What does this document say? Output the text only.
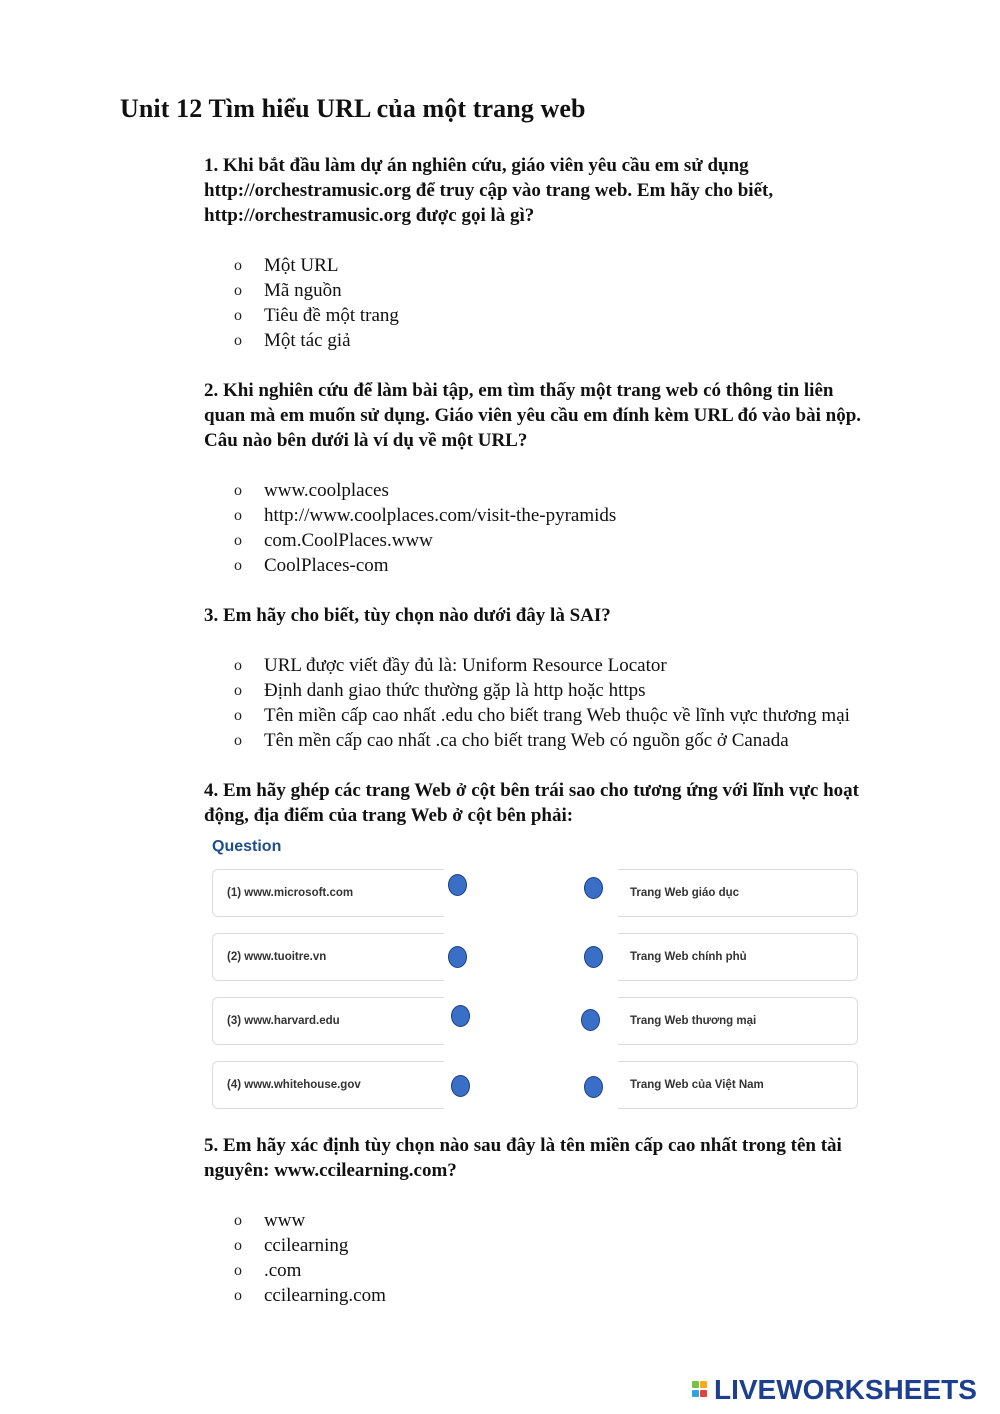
Unit 12 Tìm hiểu URL của một trang web
1. Khi bắt đầu làm dự án nghiên cứu, giáo viên yêu cầu em sử dụng
http://orchestramusic.org để truy cập vào trang web. Em hãy cho biết,
http://orchestramusic.org được gọi là gì?
o	Một URL
o	Mã nguồn
o	Tiêu đề một trang
o	Một tác giả
2. Khi nghiên cứu để làm bài tập, em tìm thấy một trang web có thông tin liên
quan mà em muốn sử dụng. Giáo viên yêu cầu em đính kèm URL đó vào bài nộp.
Câu nào bên dưới là ví dụ về một URL?
o	www.coolplaces
o	http://www.coolplaces.com/visit-the-pyramids
o	com.CoolPlaces.www
o	CoolPlaces-com
3. Em hãy cho biết, tùy chọn nào dưới đây là SAI?
o	URL được viết đầy đủ là: Uniform Resource Locator
o	Định danh giao thức thường gặp là http hoặc https
o	Tên miền cấp cao nhất .edu cho biết trang Web thuộc về lĩnh vực thương mại
o	Tên mền cấp cao nhất .ca cho biết trang Web có nguồn gốc ở Canada
4. Em hãy ghép các trang Web ở cột bên trái sao cho tương ứng với lĩnh vực hoạt
động, địa điểm của trang Web ở cột bên phải:
Question
(1) www.microsoft.com
(2) www.tuoitre.vn
(3) www.harvard.edu
(4) www.whitehouse.gov
Trang Web giáo dục
Trang Web chính phủ
Trang Web thương mại
Trang Web của Việt Nam
5. Em hãy xác định tùy chọn nào sau đây là tên miền cấp cao nhất trong tên tài
nguyên: www.ccilearning.com?
o	www
o	ccilearning
o	.com
o	ccilearning.com
LIVEWORKSHEETS
